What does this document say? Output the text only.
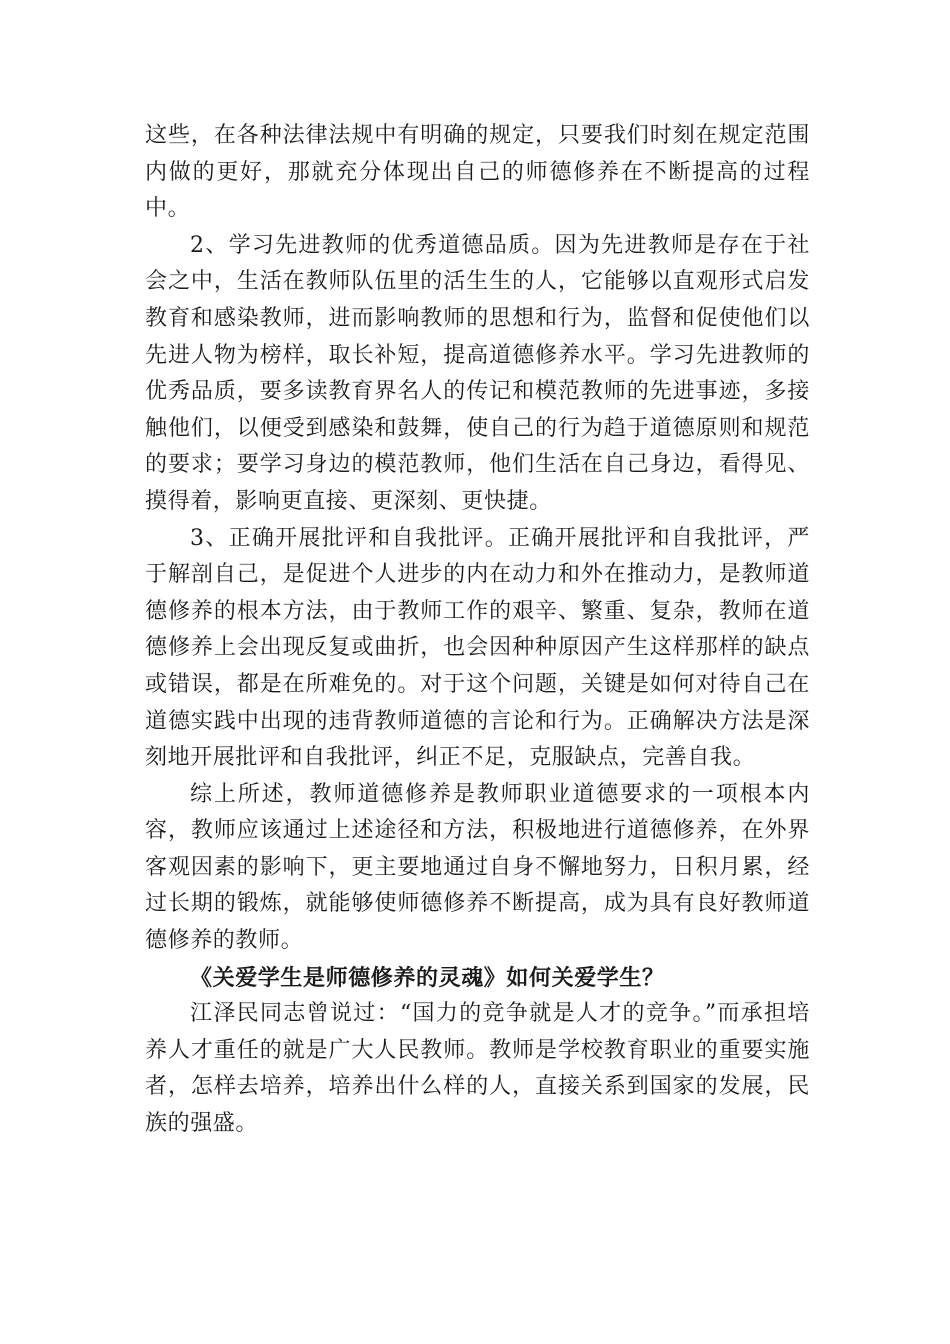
这些，在各种法律法规中有明确的规定，只要我们时刻在规定范围内做的更好，那就充分体现出自己的师德修养在不断提高的过程中。

2、学习先进教师的优秀道德品质。因为先进教师是存在于社会之中，生活在教师队伍里的活生生的人，它能够以直观形式启发教育和感染教师，进而影响教师的思想和行为，监督和促使他们以先进人物为榜样，取长补短，提高道德修养水平。学习先进教师的优秀品质，要多读教育界名人的传记和模范教师的先进事迹，多接触他们，以便受到感染和鼓舞，使自己的行为趋于道德原则和规范的要求；要学习身边的模范教师，他们生活在自己身边，看得见、摸得着，影响更直接、更深刻、更快捷。

3、正确开展批评和自我批评。正确开展批评和自我批评，严于解剖自己，是促进个人进步的内在动力和外在推动力，是教师道德修养的根本方法，由于教师工作的艰辛、繁重、复杂，教师在道德修养上会出现反复或曲折，也会因种种原因产生这样那样的缺点或错误，都是在所难免的。对于这个问题，关键是如何对待自己在道德实践中出现的违背教师道德的言论和行为。正确解决方法是深刻地开展批评和自我批评，纠正不足，克服缺点，完善自我。

综上所述，教师道德修养是教师职业道德要求的一项根本内容，教师应该通过上述途径和方法，积极地进行道德修养，在外界客观因素的影响下，更主要地通过自身不懈地努力，日积月累，经过长期的锻炼，就能够使师德修养不断提高，成为具有良好教师道德修养的教师。

《关爱学生是师德修养的灵魂》如何关爱学生？

江泽民同志曾说过：“国力的竞争就是人才的竞争。”而承担培养人才重任的就是广大人民教师。教师是学校教育职业的重要实施者，怎样去培养，培养出什么样的人，直接关系到国家的发展，民族的强盛。
